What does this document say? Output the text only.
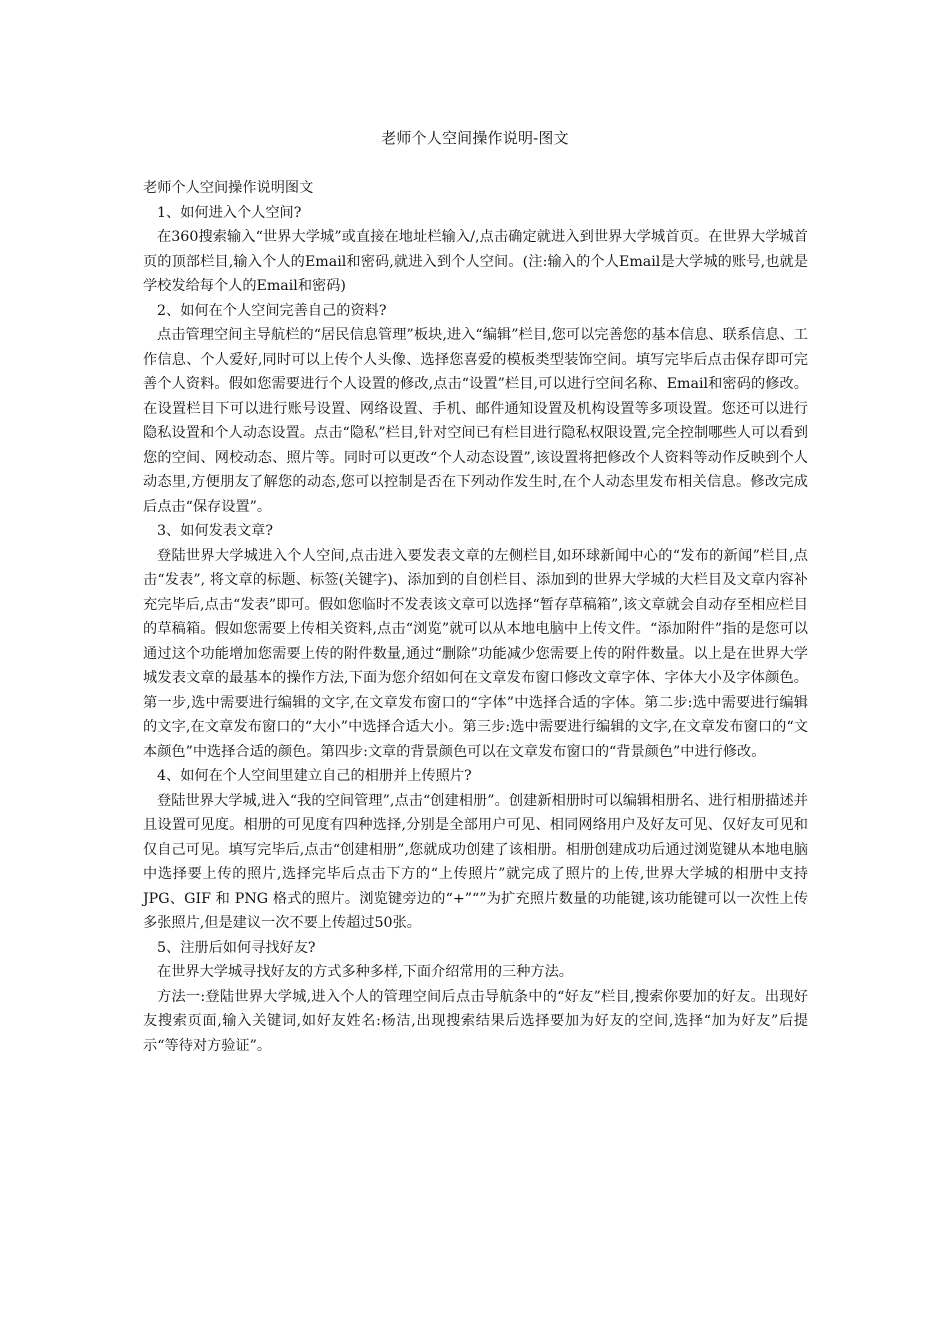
老师个人空间操作说明-图文

老师个人空间操作说明图文

1、如何进入个人空间?

在360搜索输入“世界大学城”或直接在地址栏输入/,点击确定就进入到世界大学城首页。在世界大学城首页的顶部栏目,输入个人的Email和密码,就进入到个人空间。(注:输入的个人Email是大学城的账号,也就是学校发给每个人的Email和密码)

2、如何在个人空间完善自己的资料?

点击管理空间主导航栏的“居民信息管理”板块,进入“编辑”栏目,您可以完善您的基本信息、联系信息、工作信息、个人爱好,同时可以上传个人头像、选择您喜爱的模板类型装饰空间。填写完毕后点击保存即可完善个人资料。假如您需要进行个人设置的修改,点击“设置”栏目,可以进行空间名称、Email和密码的修改。在设置栏目下可以进行账号设置、网络设置、手机、邮件通知设置及机构设置等多项设置。您还可以进行隐私设置和个人动态设置。点击“隐私”栏目,针对空间已有栏目进行隐私权限设置,完全控制哪些人可以看到您的空间、网校动态、照片等。同时可以更改“个人动态设置”,该设置将把修改个人资料等动作反映到个人动态里,方便朋友了解您的动态,您可以控制是否在下列动作发生时,在个人动态里发布相关信息。修改完成后点击“保存设置”。

3、如何发表文章?

登陆世界大学城进入个人空间,点击进入要发表文章的左侧栏目,如环球新闻中心的“发布的新闻”栏目,点击“发表”, 将文章的标题、标签(关键字)、添加到的自创栏目、添加到的世界大学城的大栏目及文章内容补充完毕后,点击“发表”即可。假如您临时不发表该文章可以选择“暂存草稿箱”,该文章就会自动存至相应栏目的草稿箱。假如您需要上传相关资料,点击“浏览”就可以从本地电脑中上传文件。“添加附件”指的是您可以通过这个功能增加您需要上传的附件数量,通过“删除”功能减少您需要上传的附件数量。以上是在世界大学城发表文章的最基本的操作方法,下面为您介绍如何在文章发布窗口修改文章字体、字体大小及字体颜色。第一步,选中需要进行编辑的文字,在文章发布窗口的“字体”中选择合适的字体。第二步:选中需要进行编辑的文字,在文章发布窗口的“大小”中选择合适大小。第三步:选中需要进行编辑的文字,在文章发布窗口的“文本颜色”中选择合适的颜色。第四步:文章的背景颜色可以在文章发布窗口的“背景颜色”中进行修改。

4、如何在个人空间里建立自己的相册并上传照片?

登陆世界大学城,进入“我的空间管理”,点击“创建相册”。创建新相册时可以编辑相册名、进行相册描述并且设置可见度。相册的可见度有四种选择,分别是全部用户可见、相同网络用户及好友可见、仅好友可见和仅自己可见。填写完毕后,点击“创建相册”,您就成功创建了该相册。相册创建成功后通过浏览键从本地电脑中选择要上传的照片,选择完毕后点击下方的“上传照片”就完成了照片的上传,世界大学城的相册中支持 JPG、GIF 和 PNG 格式的照片。浏览键旁边的“+”“”为扩充照片数量的功能键,该功能键可以一次性上传多张照片,但是建议一次不要上传超过50张。

5、注册后如何寻找好友?

在世界大学城寻找好友的方式多种多样,下面介绍常用的三种方法。

方法一:登陆世界大学城,进入个人的管理空间后点击导航条中的“好友”栏目,搜索你要加的好友。出现好友搜索页面,输入关键词,如好友姓名:杨洁,出现搜索结果后选择要加为好友的空间,选择“加为好友”后提示“等待对方验证”。
